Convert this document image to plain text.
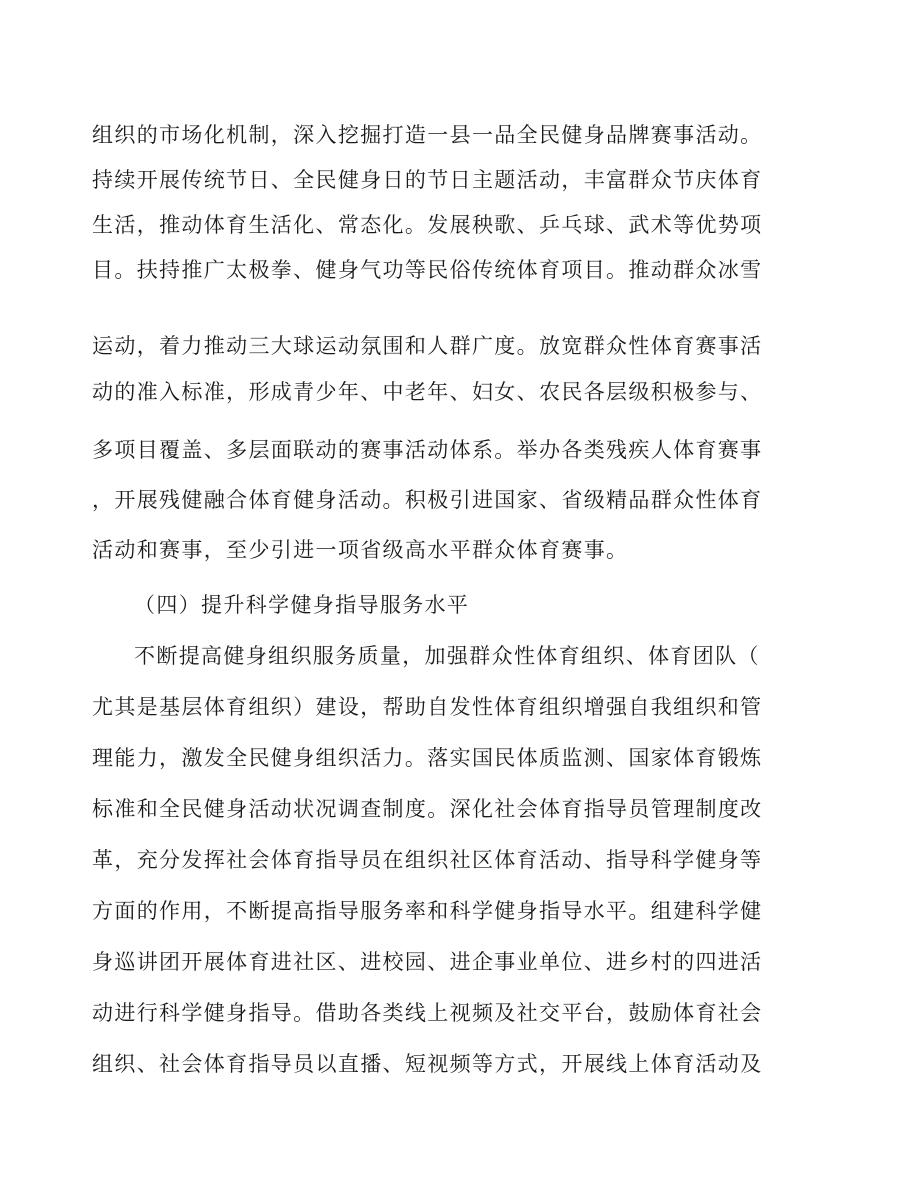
组织的市场化机制，深入挖掘打造一县一品全民健身品牌赛事活动。
持续开展传统节日、全民健身日的节日主题活动，丰富群众节庆体育
生活，推动体育生活化、常态化。发展秧歌、乒乓球、武术等优势项
目。扶持推广太极拳、健身气功等民俗传统体育项目。推动群众冰雪
运动，着力推动三大球运动氛围和人群广度。放宽群众性体育赛事活
动的准入标准，形成青少年、中老年、妇女、农民各层级积极参与、
多项目覆盖、多层面联动的赛事活动体系。举办各类残疾人体育赛事
，开展残健融合体育健身活动。积极引进国家、省级精品群众性体育
活动和赛事，至少引进一项省级高水平群众体育赛事。
（四）提升科学健身指导服务水平
不断提高健身组织服务质量，加强群众性体育组织、体育团队（
尤其是基层体育组织）建设，帮助自发性体育组织增强自我组织和管
理能力，激发全民健身组织活力。落实国民体质监测、国家体育锻炼
标准和全民健身活动状况调查制度。深化社会体育指导员管理制度改
革，充分发挥社会体育指导员在组织社区体育活动、指导科学健身等
方面的作用，不断提高指导服务率和科学健身指导水平。组建科学健
身巡讲团开展体育进社区、进校园、进企事业单位、进乡村的四进活
动进行科学健身指导。借助各类线上视频及社交平台，鼓励体育社会
组织、社会体育指导员以直播、短视频等方式，开展线上体育活动及
